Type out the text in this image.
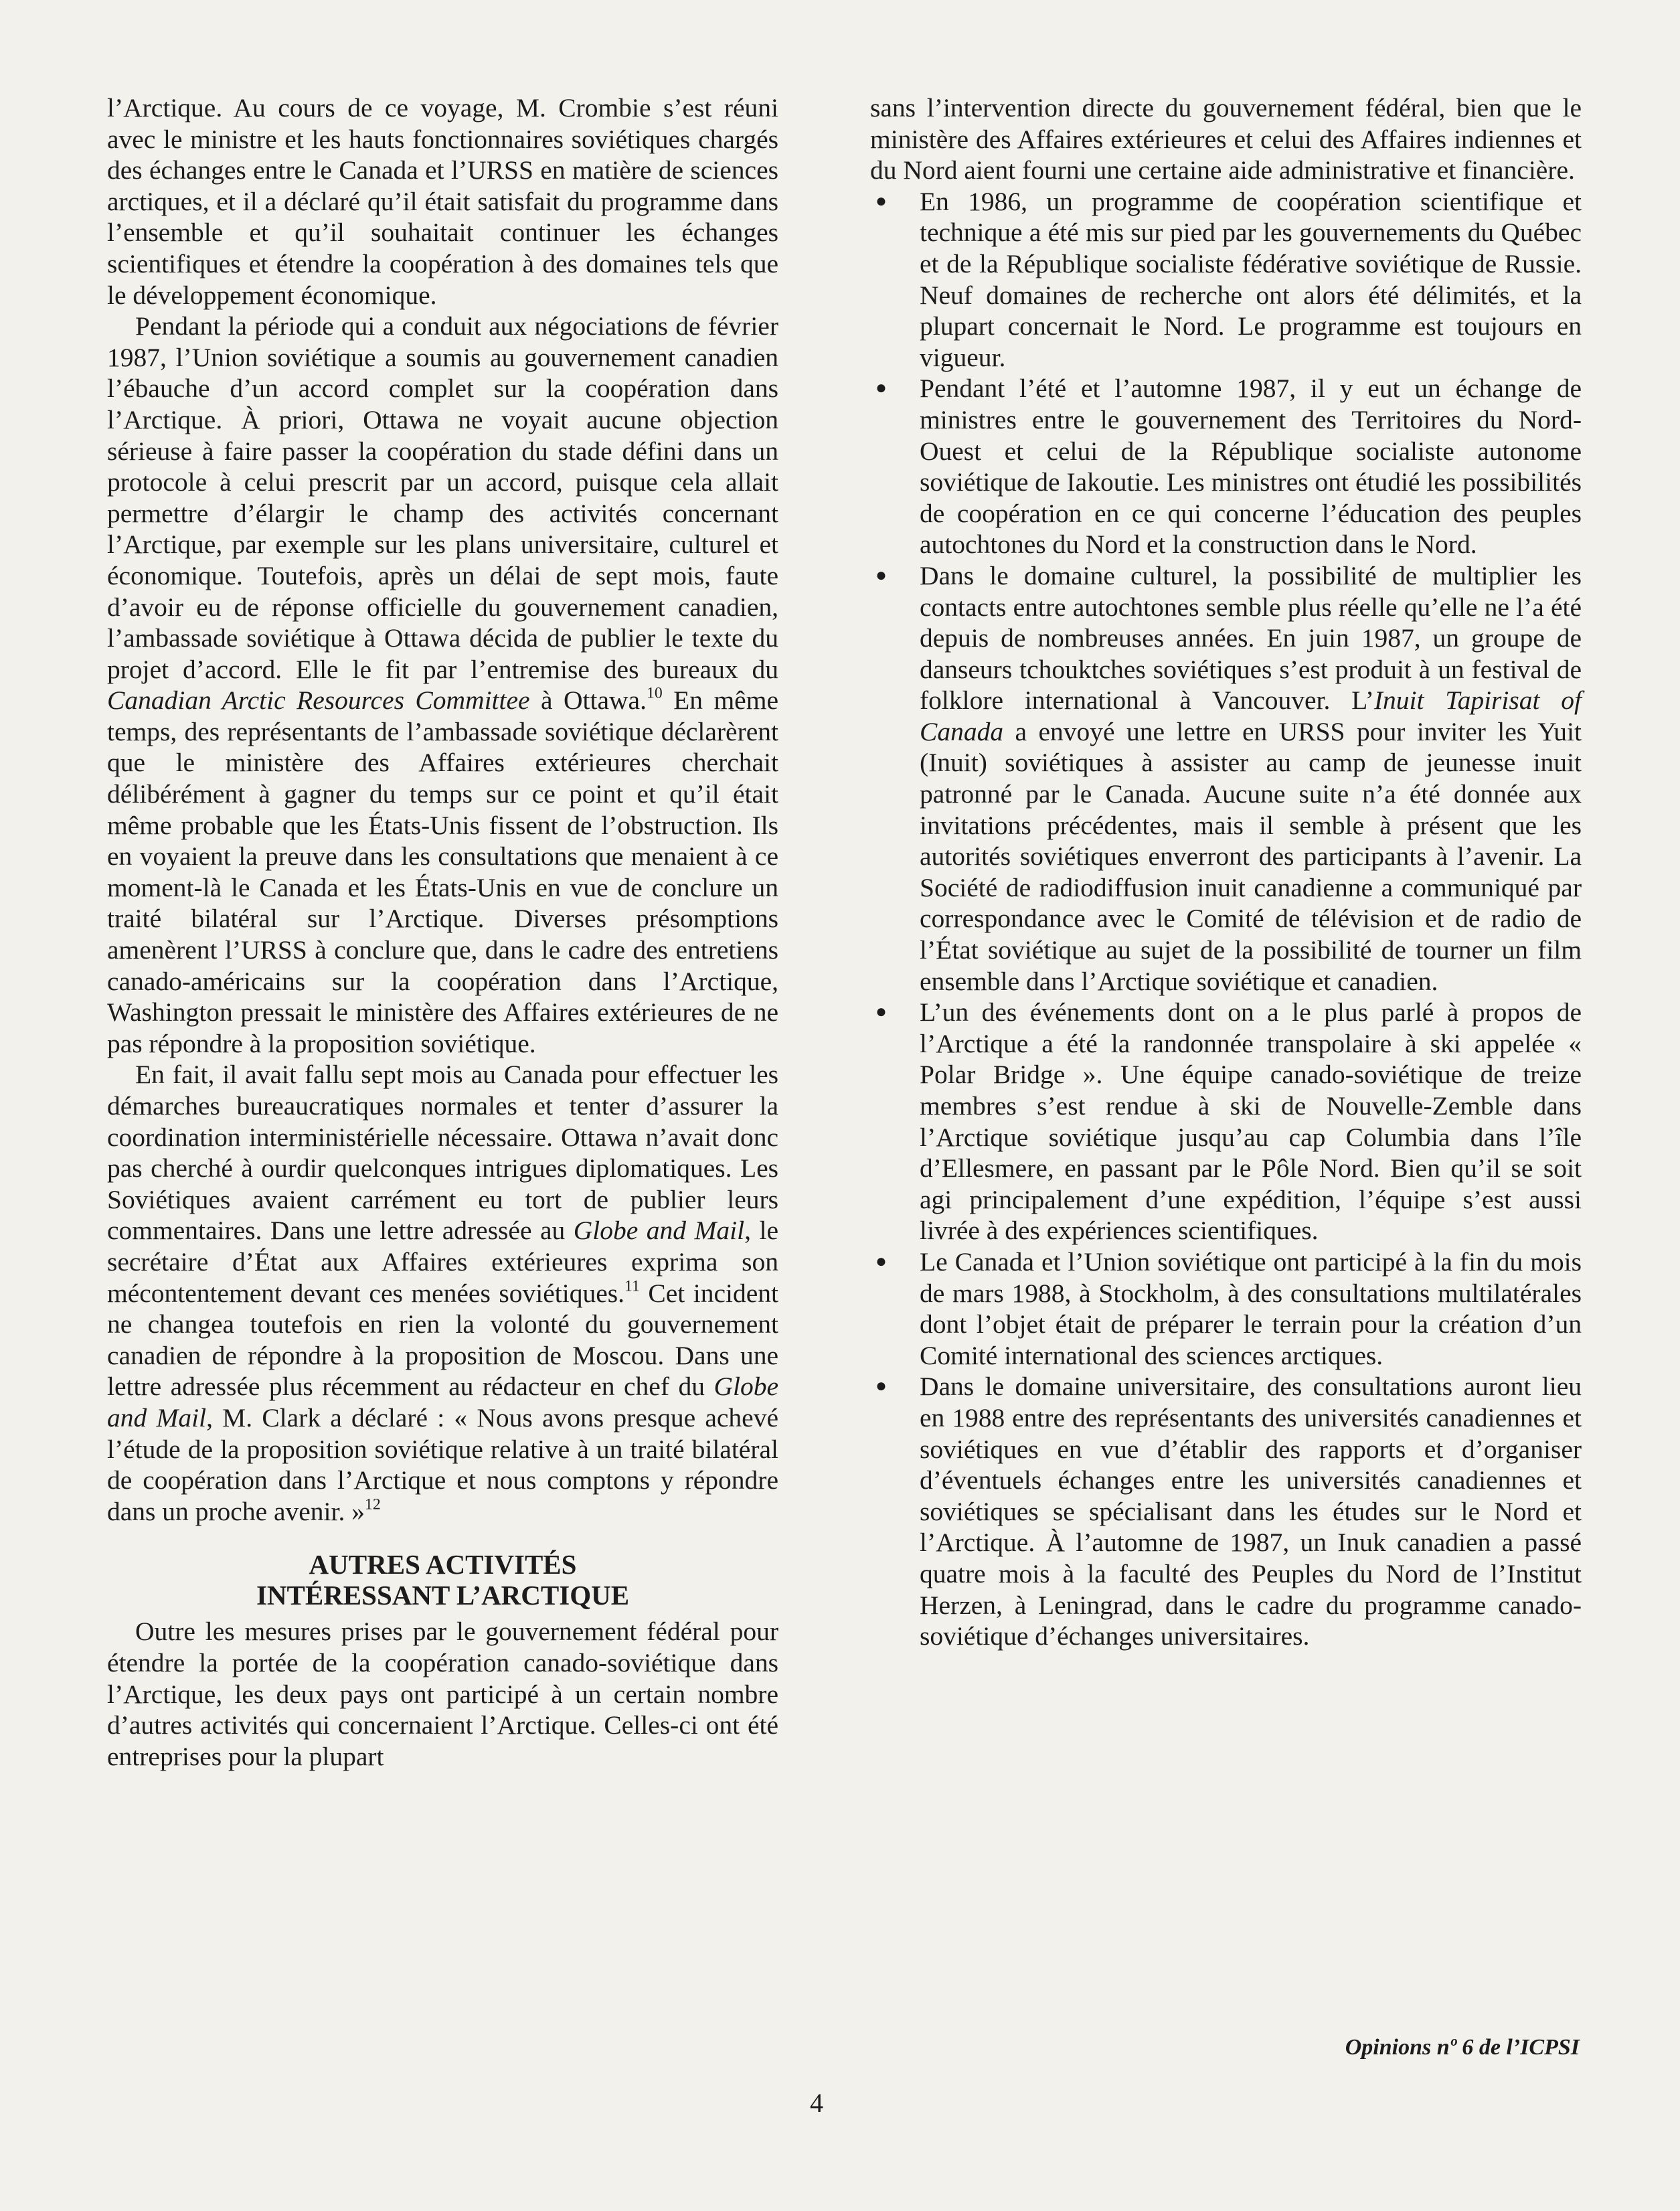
l’Arctique. Au cours de ce voyage, M. Crombie s’est réuni avec le ministre et les hauts fonctionnaires soviétiques chargés des échanges entre le Canada et l’URSS en matière de sciences arctiques, et il a déclaré qu’il était satisfait du programme dans l’ensemble et qu’il souhaitait continuer les échanges scientifiques et étendre la coopération à des domaines tels que le développement économique.

Pendant la période qui a conduit aux négociations de février 1987, l’Union soviétique a soumis au gouvernement canadien l’ébauche d’un accord complet sur la coopération dans l’Arctique. À priori, Ottawa ne voyait aucune objection sérieuse à faire passer la coopération du stade défini dans un protocole à celui prescrit par un accord, puisque cela allait permettre d’élargir le champ des activités concernant l’Arctique, par exemple sur les plans universitaire, culturel et économique. Toutefois, après un délai de sept mois, faute d’avoir eu de réponse officielle du gouvernement canadien, l’ambassade soviétique à Ottawa décida de publier le texte du projet d’accord. Elle le fit par l’entremise des bureaux du Canadian Arctic Resources Committee à Ottawa.$^{10}$ En même temps, des représentants de l’ambassade soviétique déclarèrent que le ministère des Affaires extérieures cherchait délibérément à gagner du temps sur ce point et qu’il était même probable que les États-Unis fissent de l’obstruction. Ils en voyaient la preuve dans les consultations que menaient à ce moment-là le Canada et les États-Unis en vue de conclure un traité bilatéral sur l’Arctique. Diverses présomptions amenèrent l’URSS à conclure que, dans le cadre des entretiens canado-américains sur la coopération dans l’Arctique, Washington pressait le ministère des Affaires extérieures de ne pas répondre à la proposition soviétique.

En fait, il avait fallu sept mois au Canada pour effectuer les démarches bureaucratiques normales et tenter d’assurer la coordination interministérielle nécessaire. Ottawa n’avait donc pas cherché à ourdir quelconques intrigues diplomatiques. Les Soviétiques avaient carrément eu tort de publier leurs commentaires. Dans une lettre adressée au Globe and Mail, le secrétaire d’État aux Affaires extérieures exprima son mécontentement devant ces menées soviétiques.$^{11}$ Cet incident ne changea toutefois en rien la volonté du gouvernement canadien de répondre à la proposition de Moscou. Dans une lettre adressée plus récemment au rédacteur en chef du Globe and Mail, M. Clark a déclaré : « Nous avons presque achevé l’étude de la proposition soviétique relative à un traité bilatéral de coopération dans l’Arctique et nous comptons y répondre dans un proche avenir. »$^{12}$

AUTRES ACTIVITÉS
INTÉRESSANT L’ARCTIQUE

Outre les mesures prises par le gouvernement fédéral pour étendre la portée de la coopération canado-soviétique dans l’Arctique, les deux pays ont participé à un certain nombre d’autres activités qui concernaient l’Arctique. Celles-ci ont été entreprises pour la plupart

sans l’intervention directe du gouvernement fédéral, bien que le ministère des Affaires extérieures et celui des Affaires indiennes et du Nord aient fourni une certaine aide administrative et financière.

● En 1986, un programme de coopération scientifique et technique a été mis sur pied par les gouvernements du Québec et de la République socialiste fédérative soviétique de Russie. Neuf domaines de recherche ont alors été délimités, et la plupart concernait le Nord. Le programme est toujours en vigueur.
● Pendant l’été et l’automne 1987, il y eut un échange de ministres entre le gouvernement des Territoires du Nord-Ouest et celui de la République socialiste autonome soviétique de Iakoutie. Les ministres ont étudié les possibilités de coopération en ce qui concerne l’éducation des peuples autochtones du Nord et la construction dans le Nord.
● Dans le domaine culturel, la possibilité de multiplier les contacts entre autochtones semble plus réelle qu’elle ne l’a été depuis de nombreuses années. En juin 1987, un groupe de danseurs tchouktches soviétiques s’est produit à un festival de folklore international à Vancouver. L’Inuit Tapirisat of Canada a envoyé une lettre en URSS pour inviter les Yuit (Inuit) soviétiques à assister au camp de jeunesse inuit patronné par le Canada. Aucune suite n’a été donnée aux invitations précédentes, mais il semble à présent que les autorités soviétiques enverront des participants à l’avenir. La Société de radiodiffusion inuit canadienne a communiqué par correspondance avec le Comité de télévision et de radio de l’État soviétique au sujet de la possibilité de tourner un film ensemble dans l’Arctique soviétique et canadien.
● L’un des événements dont on a le plus parlé à propos de l’Arctique a été la randonnée transpolaire à ski appelée « Polar Bridge ». Une équipe canado-soviétique de treize membres s’est rendue à ski de Nouvelle-Zemble dans l’Arctique soviétique jusqu’au cap Columbia dans l’île d’Ellesmere, en passant par le Pôle Nord. Bien qu’il se soit agi principalement d’une expédition, l’équipe s’est aussi livrée à des expériences scientifiques.
● Le Canada et l’Union soviétique ont participé à la fin du mois de mars 1988, à Stockholm, à des consultations multilatérales dont l’objet était de préparer le terrain pour la création d’un Comité international des sciences arctiques.
● Dans le domaine universitaire, des consultations auront lieu en 1988 entre des représentants des universités canadiennes et soviétiques en vue d’établir des rapports et d’organiser d’éventuels échanges entre les universités canadiennes et soviétiques se spécialisant dans les études sur le Nord et l’Arctique. À l’automne de 1987, un Inuk canadien a passé quatre mois à la faculté des Peuples du Nord de l’Institut Herzen, à Leningrad, dans le cadre du programme canado-soviétique d’échanges universitaires.
Opinions nº 6 de l’ICPSI
4
